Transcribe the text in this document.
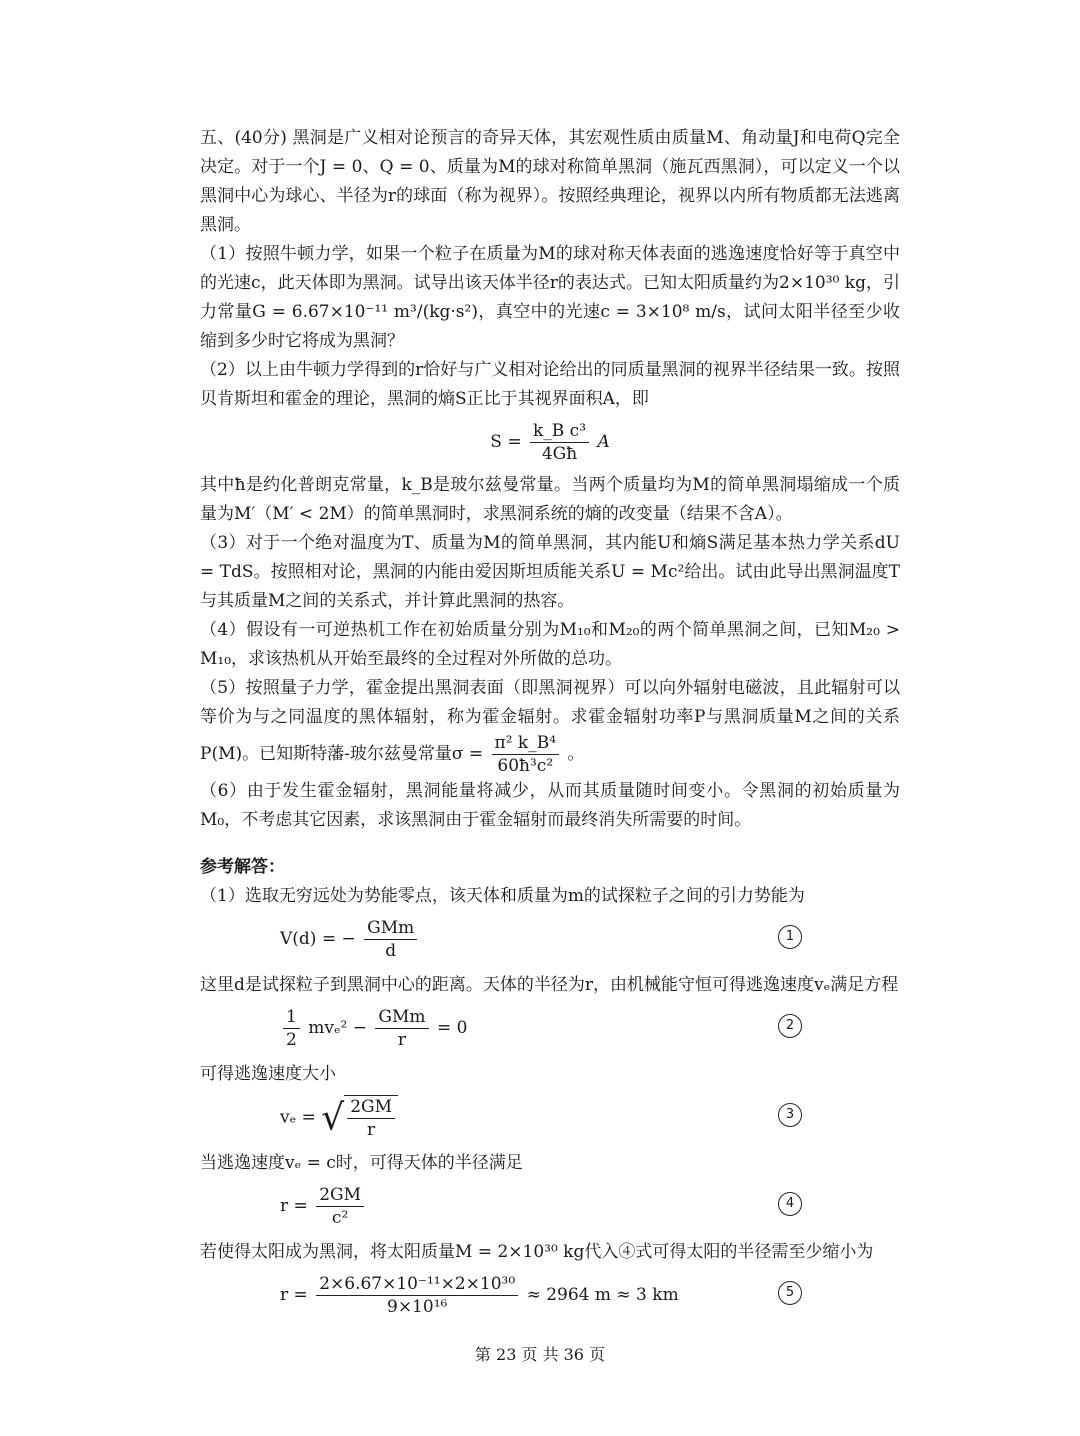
五、(40分) 黑洞是广义相对论预言的奇异天体，其宏观性质由质量M、角动量J和电荷Q完全决定。对于一个J = 0、Q = 0、质量为M的球对称简单黑洞（施瓦西黑洞），可以定义一个以黑洞中心为球心、半径为r的球面（称为视界）。按照经典理论，视界以内所有物质都无法逃离黑洞。

（1）按照牛顿力学，如果一个粒子在质量为M的球对称天体表面的逃逸速度恰好等于真空中的光速c，此天体即为黑洞。试导出该天体半径r的表达式。已知太阳质量约为2×10³⁰ kg，引力常量G = 6.67×10⁻¹¹ m³/(kg·s²)，真空中的光速c = 3×10⁸ m/s，试问太阳半径至少收缩到多少时它将成为黑洞？

（2）以上由牛顿力学得到的r恰好与广义相对论给出的同质量黑洞的视界半径结果一致。按照贝肯斯坦和霍金的理论，黑洞的熵S正比于其视界面积A，即

$S = \frac{\text{k\_B c³}}{4Għ}$ A

其中ħ是约化普朗克常量，k_B是玻尔兹曼常量。当两个质量均为M的简单黑洞塌缩成一个质量为M′（M′ < 2M）的简单黑洞时，求黑洞系统的熵的改变量（结果不含A）。

（3）对于一个绝对温度为T、质量为M的简单黑洞，其内能U和熵S满足基本热力学关系dU = TdS。按照相对论，黑洞的内能由爱因斯坦质能关系U = Mc²给出。试由此导出黑洞温度T与其质量M之间的关系式，并计算此黑洞的热容。

（4）假设有一可逆热机工作在初始质量分别为M₁₀和M₂₀的两个简单黑洞之间，已知M₂₀ > M₁₀，求该热机从开始至最终的全过程对外所做的总功。

（5）按照量子力学，霍金提出黑洞表面（即黑洞视界）可以向外辐射电磁波，且此辐射可以等价为与之同温度的黑体辐射，称为霍金辐射。求霍金辐射功率P与黑洞质量M之间的关系P(M)。已知斯特藩-玻尔兹曼常量$\sigma = \frac{\text{π² k\_B⁴}}{\text{60ħ³c²}}$ 。

（6）由于发生霍金辐射，黑洞能量将减少，从而其质量随时间变小。令黑洞的初始质量为M₀，不考虑其它因素，求该黑洞由于霍金辐射而最终消失所需要的时间。

参考解答：

（1）选取无穷远处为势能零点，该天体和质量为m的试探粒子之间的引力势能为

V(d) = − $\frac{\text{GMm}}{d}$	1

这里d是试探粒子到黑洞中心的距离。天体的半径为r，由机械能守恒可得逃逸速度vₑ满足方程

$\frac{1}{2} mv_e^2 - \frac{\text{GMm}}{r} = 0$	2

可得逃逸速度大小

vₑ = √ $\frac{2GM}{r}$	3

当逃逸速度vₑ = c时，可得天体的半径满足

$r = \frac{2GM}{\text{c²}}$	4

若使得太阳成为黑洞，将太阳质量M = 2×10³⁰ kg代入④式可得太阳的半径需至少缩小为

$r = \frac{\text{2×6.67×10⁻¹¹×2×10³⁰}}{\text{9×10¹⁶}} \approx 2964$ m ≈ 3 km	5
第 23 页 共 36 页
